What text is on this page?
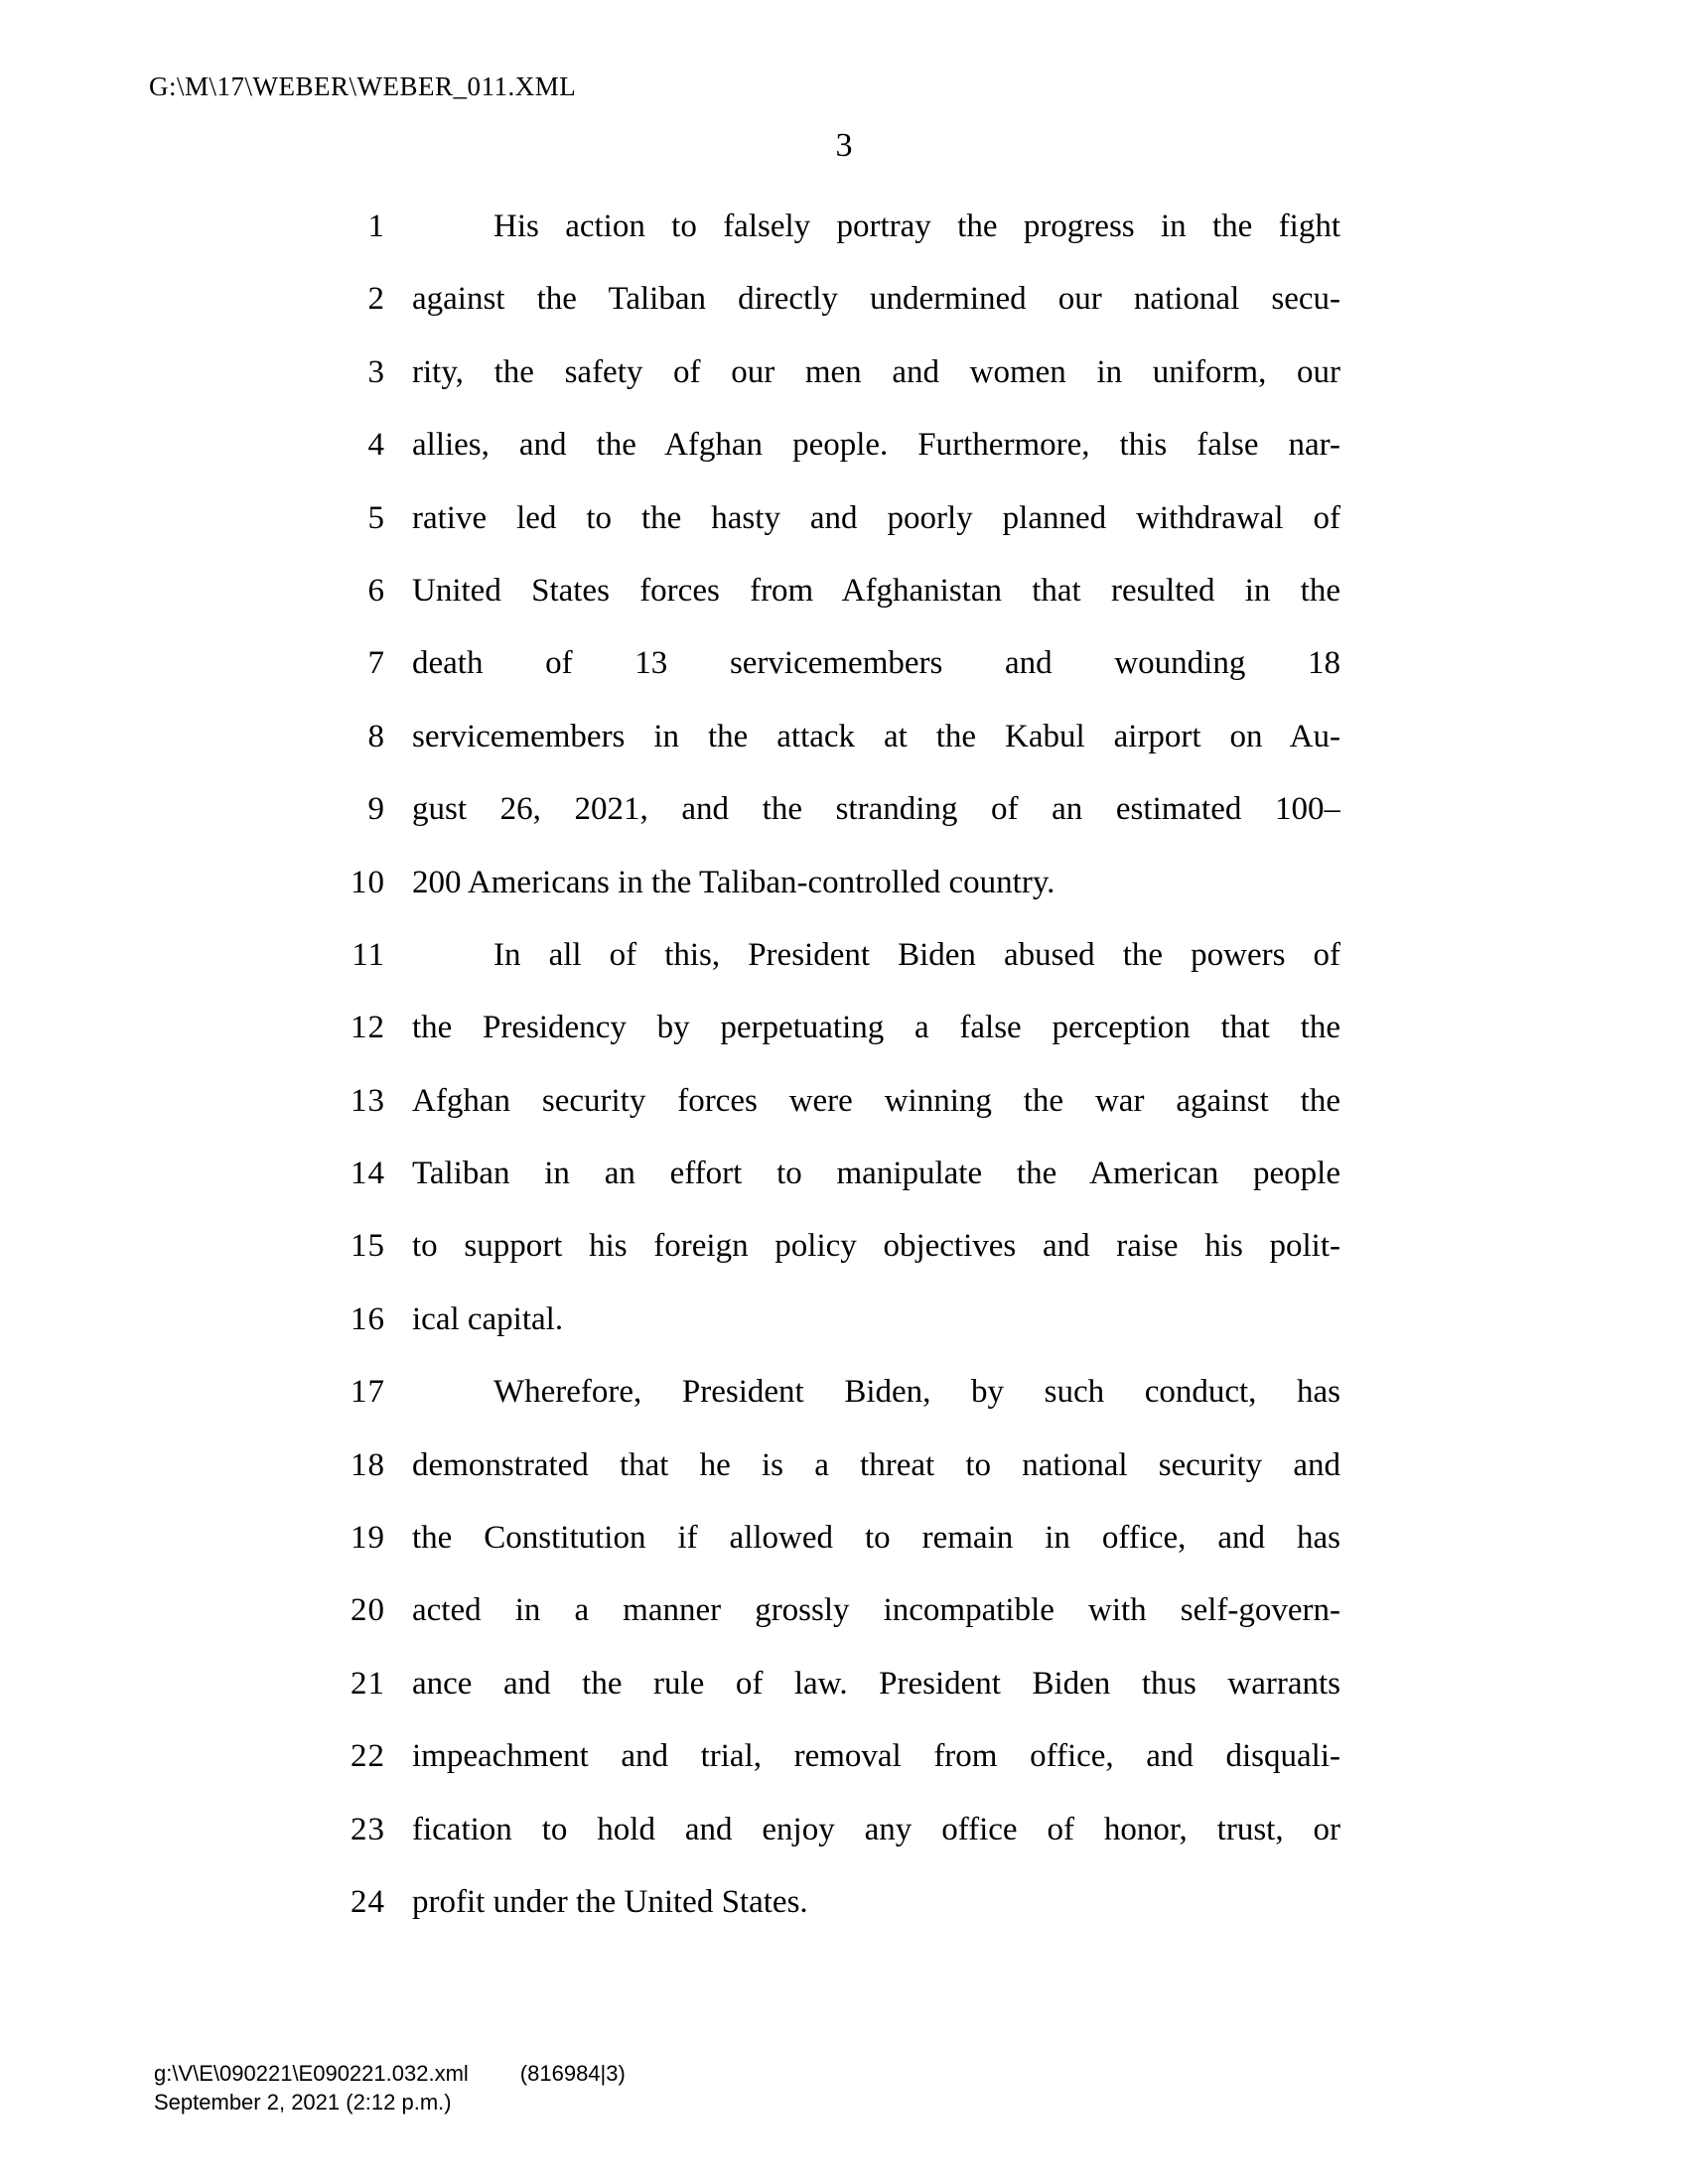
G:\M\17\WEBER\WEBER_011.XML
3
1	His action to falsely portray the progress in the fight
2 against the Taliban directly undermined our national secu-
3 rity, the safety of our men and women in uniform, our
4 allies, and the Afghan people. Furthermore, this false nar-
5 rative led to the hasty and poorly planned withdrawal of
6 United States forces from Afghanistan that resulted in the
7 death of 13 servicemembers and wounding 18
8 servicemembers in the attack at the Kabul airport on Au-
9 gust 26, 2021, and the stranding of an estimated 100–
10 200 Americans in the Taliban-controlled country.
11	In all of this, President Biden abused the powers of
12 the Presidency by perpetuating a false perception that the
13 Afghan security forces were winning the war against the
14 Taliban in an effort to manipulate the American people
15 to support his foreign policy objectives and raise his polit-
16 ical capital.
17	Wherefore, President Biden, by such conduct, has
18 demonstrated that he is a threat to national security and
19 the Constitution if allowed to remain in office, and has
20 acted in a manner grossly incompatible with self-govern-
21 ance and the rule of law. President Biden thus warrants
22 impeachment and trial, removal from office, and disquali-
23 fication to hold and enjoy any office of honor, trust, or
24 profit under the United States.
g:\V\E\090221\E090221.032.xml (816984|3)
September 2, 2021 (2:12 p.m.)
